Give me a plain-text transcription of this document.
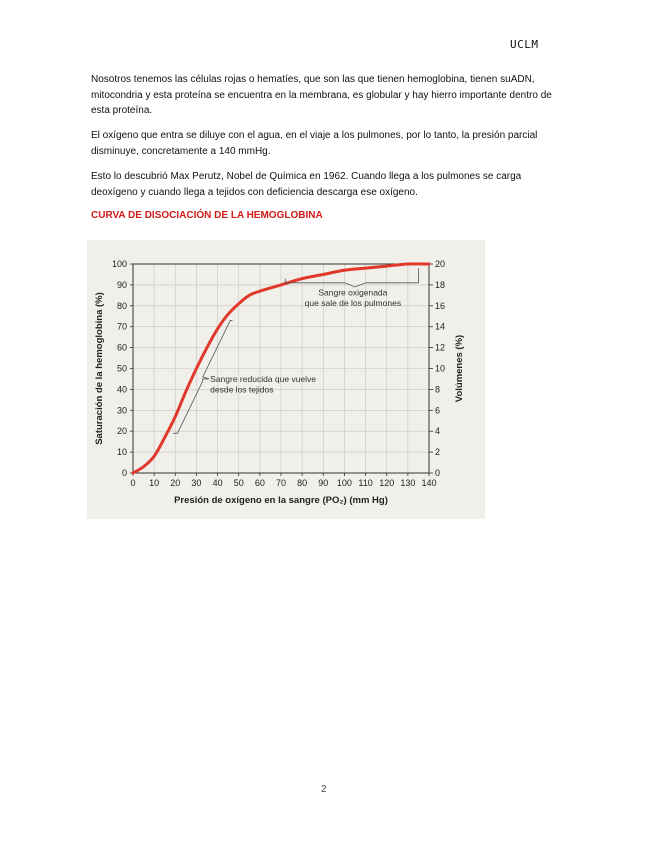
UCLM

Nosotros tenemos las células rojas o hematíes, que son las que tienen hemoglobina, tienen suADN, mitocondria y esta proteína se encuentra en la membrana, es globular y hay hierro importante dentro de esta proteína.

El oxígeno que entra se diluye con el agua, en el viaje a los pulmones, por lo tanto, la presión parcial disminuye, concretamente a 140 mmHg.

Esto lo descubrió Max Perutz, Nobel de Química en 1962. Cuando llega a los pulmones se carga deoxígeno y cuando llega a tejidos con deficiencia descarga ese oxígeno.

CURVA DE DISOCIACIÓN DE LA HEMOGLOBINA

0 10 20 30 40 50 60 70 80 90 100 110 120 130 140
0
10
20
30
40
50
60
70
80
90
100
0
2
4
6
8
10
12
14
16
18
20
Sangre oxigenada
que sale de los pulmones
Sangre reducida que vuelve
desde los tejidos
Presión de oxígeno en la sangre (PO₂) (mm Hg)
Saturación de la hemoglobina (%)	Volúmenes (%)
2
